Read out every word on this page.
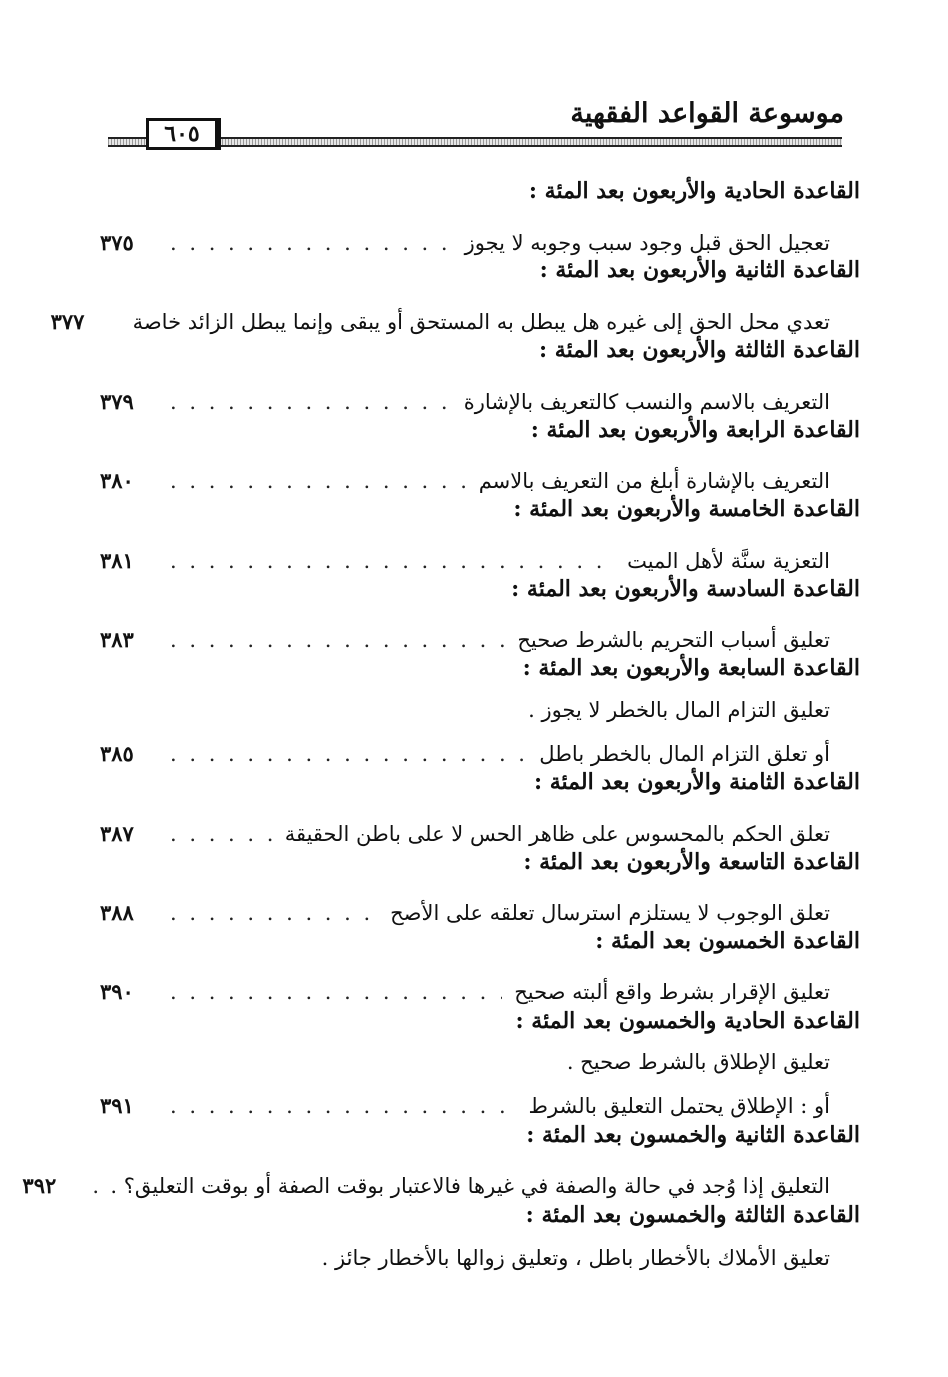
موسوعة القواعد الفقهية
٦٠٥
القاعدة الحادية والأربعون بعد المئة :
تعجيل الحق قبل وجود سبب وجوبه لا يجوز
. . .
٣٧٥
القاعدة الثانية والأربعون بعد المئة :
تعدي محل الحق إلى غيره هل يبطل به المستحق أو يبقى وإنما يبطل الزائد خاصة
٣٧٧
القاعدة الثالثة والأربعون بعد المئة :
التعريف بالاسم والنسب كالتعريف بالإشارة
. . .
٣٧٩
القاعدة الرابعة والأربعون بعد المئة :
التعريف بالإشارة أبلغ من التعريف بالاسم
. . .
٣٨٠
القاعدة الخامسة والأربعون بعد المئة :
التعزية سنَّة لأهل الميت
. . .
٣٨١
القاعدة السادسة والأربعون بعد المئة :
تعليق أسباب التحريم بالشرط صحيح
. . .
٣٨٣
القاعدة السابعة والأربعون بعد المئة :
تعليق التزام المال بالخطر لا يجوز .
أو تعلق التزام المال بالخطر باطل
. . .
٣٨٥
القاعدة الثامنة والأربعون بعد المئة :
تعلق الحكم بالمحسوس على ظاهر الحس لا على باطن الحقيقة
. . .
٣٨٧
القاعدة التاسعة والأربعون بعد المئة :
تعلق الوجوب لا يستلزم استرسال تعلقه على الأصح
. . .
٣٨٨
القاعدة الخمسون بعد المئة :
تعليق الإقرار بشرط واقع ألبته صحيح
. . .
٣٩٠
القاعدة الحادية والخمسون بعد المئة :
تعليق الإطلاق بالشرط صحيح .
أو : الإطلاق يحتمل التعليق بالشرط
. . .
٣٩١
القاعدة الثانية والخمسون بعد المئة :
التعليق إذا وُجد في حالة والصفة في غيرها فالاعتبار بوقت الصفة أو بوقت التعليق؟ .
. . .
٣٩٢
القاعدة الثالثة والخمسون بعد المئة :
تعليق الأملاك بالأخطار باطل ، وتعليق زوالها بالأخطار جائز .
